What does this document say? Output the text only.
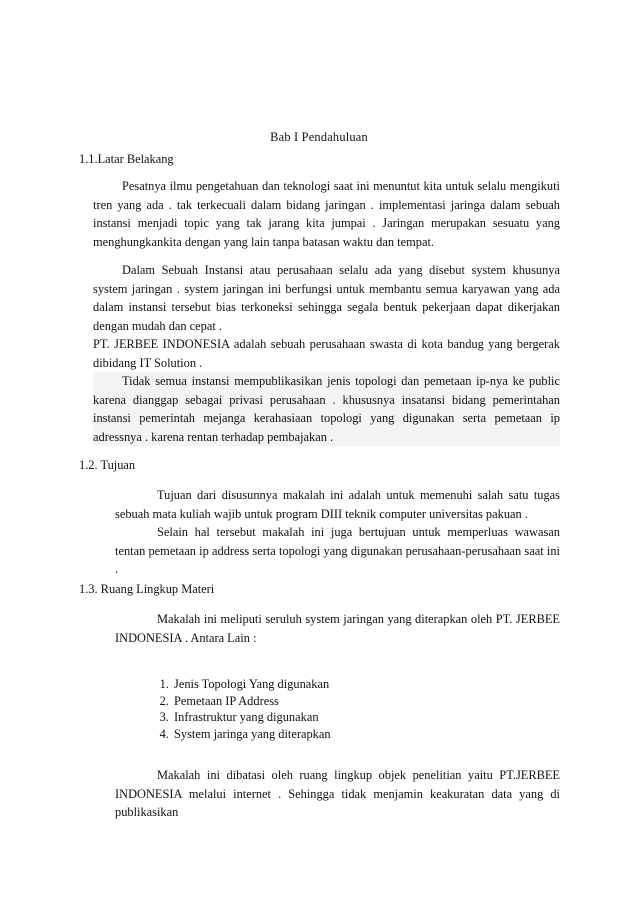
Bab I Pendahuluan
1.1.Latar Belakang

Pesatnya ilmu pengetahuan dan teknologi saat ini menuntut kita untuk selalu mengikuti tren yang ada . tak terkecuali dalam bidang jaringan . implementasi jaringa dalam sebuah instansi menjadi topic yang tak jarang kita jumpai . Jaringan merupakan sesuatu yang menghungkankita dengan yang lain tanpa batasan waktu dan tempat.

Dalam Sebuah Instansi atau perusahaan selalu ada yang disebut system khusunya system jaringan . system jaringan ini berfungsi untuk membantu semua karyawan yang ada dalam instansi tersebut bias terkoneksi sehingga segala bentuk pekerjaan dapat dikerjakan dengan mudah dan cepat .

PT. JERBEE INDONESIA adalah sebuah perusahaan swasta di kota bandug yang bergerak dibidang IT Solution .

Tidak semua instansi mempublikasikan jenis topologi dan pemetaan ip-nya ke public karena dianggap sebagai privasi perusahaan . khususnya insatansi bidang pemerintahan instansi pemerintah mejanga kerahasiaan topologi yang digunakan serta pemetaan ip adressnya . karena rentan terhadap pembajakan .

1.2. Tujuan

Tujuan dari disusunnya makalah ini adalah untuk memenuhi salah satu tugas sebuah mata kuliah wajib untuk program DIII teknik computer universitas pakuan .

Selain hal tersebut makalah ini juga bertujuan untuk memperluas wawasan tentan pemetaan ip address serta topologi yang digunakan perusahaan-perusahaan saat ini .

1.3. Ruang Lingkup Materi

Makalah ini meliputi seruluh system jaringan yang diterapkan oleh PT. JERBEE INDONESIA . Antara Lain :

1. Jenis Topologi Yang digunakan
2. Pemetaan IP Address
3. Infrastruktur yang digunakan
4. System jaringa yang diterapkan

Makalah ini dibatasi oleh ruang lingkup objek penelitian yaitu PT.JERBEE INDONESIA melalui internet . Sehingga tidak menjamin keakuratan data yang di publikasikan
